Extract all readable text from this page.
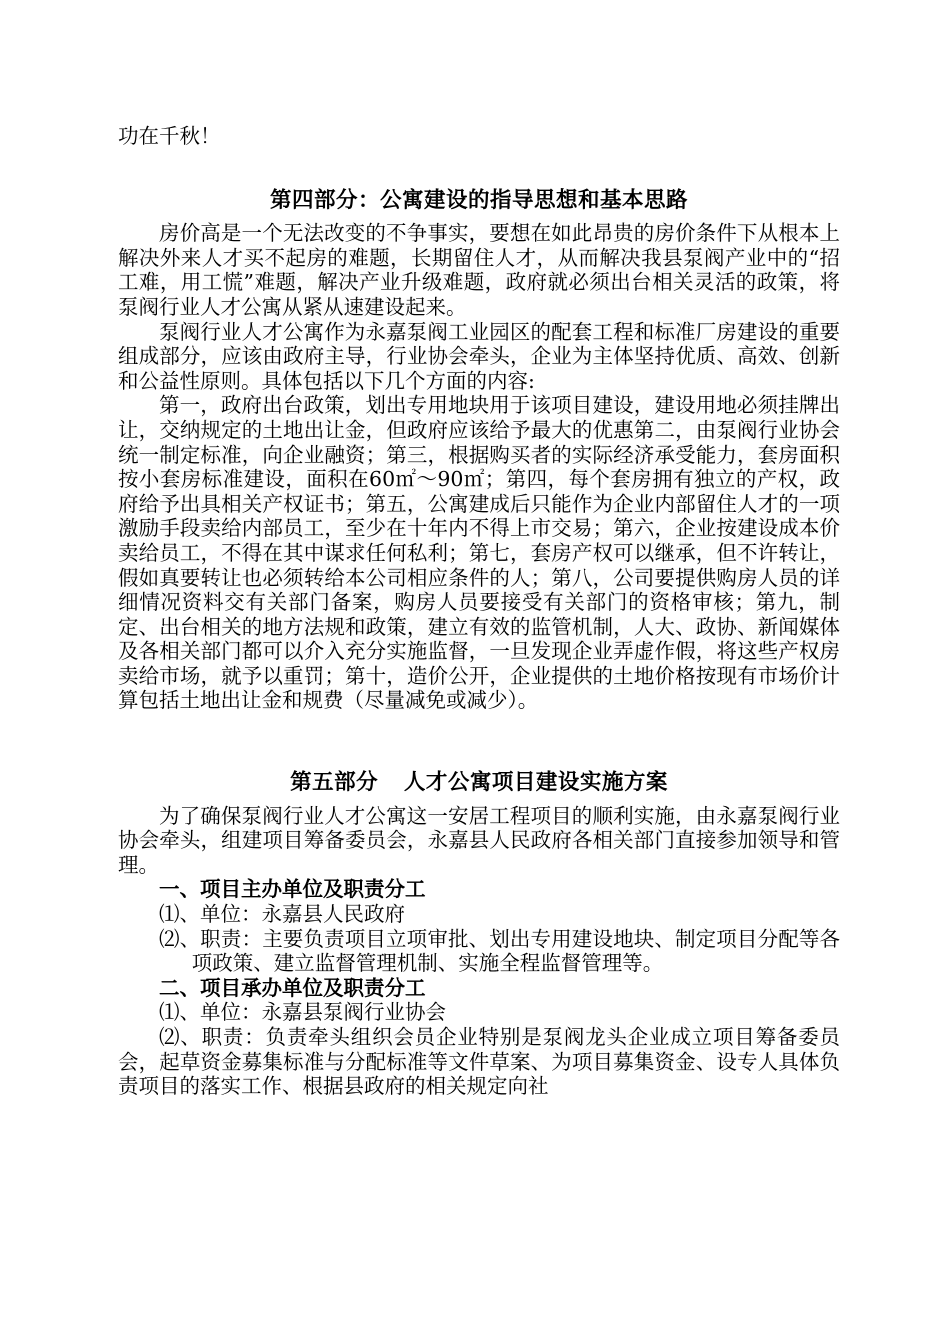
功在千秋！

第四部分：公寓建设的指导思想和基本思路

房价高是一个无法改变的不争事实，要想在如此昂贵的房价条件下从根本上解决外来人才买不起房的难题，长期留住人才，从而解决我县泵阀产业中的“招工难，用工慌”难题，解决产业升级难题，政府就必须出台相关灵活的政策，将泵阀行业人才公寓从紧从速建设起来。

泵阀行业人才公寓作为永嘉泵阀工业园区的配套工程和标准厂房建设的重要组成部分，应该由政府主导，行业协会牵头，企业为主体坚持优质、高效、创新和公益性原则。具体包括以下几个方面的内容:

第一，政府出台政策，划出专用地块用于该项目建设，建设用地必须挂牌出让，交纳规定的土地出让金，但政府应该给予最大的优惠第二，由泵阀行业协会统一制定标准，向企业融资；第三，根据购买者的实际经济承受能力，套房面积按小套房标准建设，面积在60㎡～90㎡；第四，每个套房拥有独立的产权，政府给予出具相关产权证书；第五，公寓建成后只能作为企业内部留住人才的一项激励手段卖给内部员工，至少在十年内不得上市交易；第六，企业按建设成本价卖给员工，不得在其中谋求任何私利；第七，套房产权可以继承，但不许转让，假如真要转让也必须转给本公司相应条件的人；第八，公司要提供购房人员的详细情况资料交有关部门备案，购房人员要接受有关部门的资格审核；第九，制定、出台相关的地方法规和政策，建立有效的监管机制，人大、政协、新闻媒体及各相关部门都可以介入充分实施监督，一旦发现企业弄虚作假，将这些产权房卖给市场，就予以重罚；第十，造价公开，企业提供的土地价格按现有市场价计算包括土地出让金和规费（尽量减免或减少）。

第五部分 人才公寓项目建设实施方案

为了确保泵阀行业人才公寓这一安居工程项目的顺利实施，由永嘉泵阀行业协会牵头，组建项目筹备委员会，永嘉县人民政府各相关部门直接参加领导和管理。

一、项目主办单位及职责分工

⑴、单位：永嘉县人民政府

⑵、职责：主要负责项目立项审批、划出专用建设地块、制定项目分配等各项政策、建立监督管理机制、实施全程监督管理等。

二、项目承办单位及职责分工

⑴、单位：永嘉县泵阀行业协会

⑵、职责：负责牵头组织会员企业特别是泵阀龙头企业成立项目筹备委员会，起草资金募集标准与分配标准等文件草案、为项目募集资金、设专人具体负责项目的落实工作、根据县政府的相关规定向社
